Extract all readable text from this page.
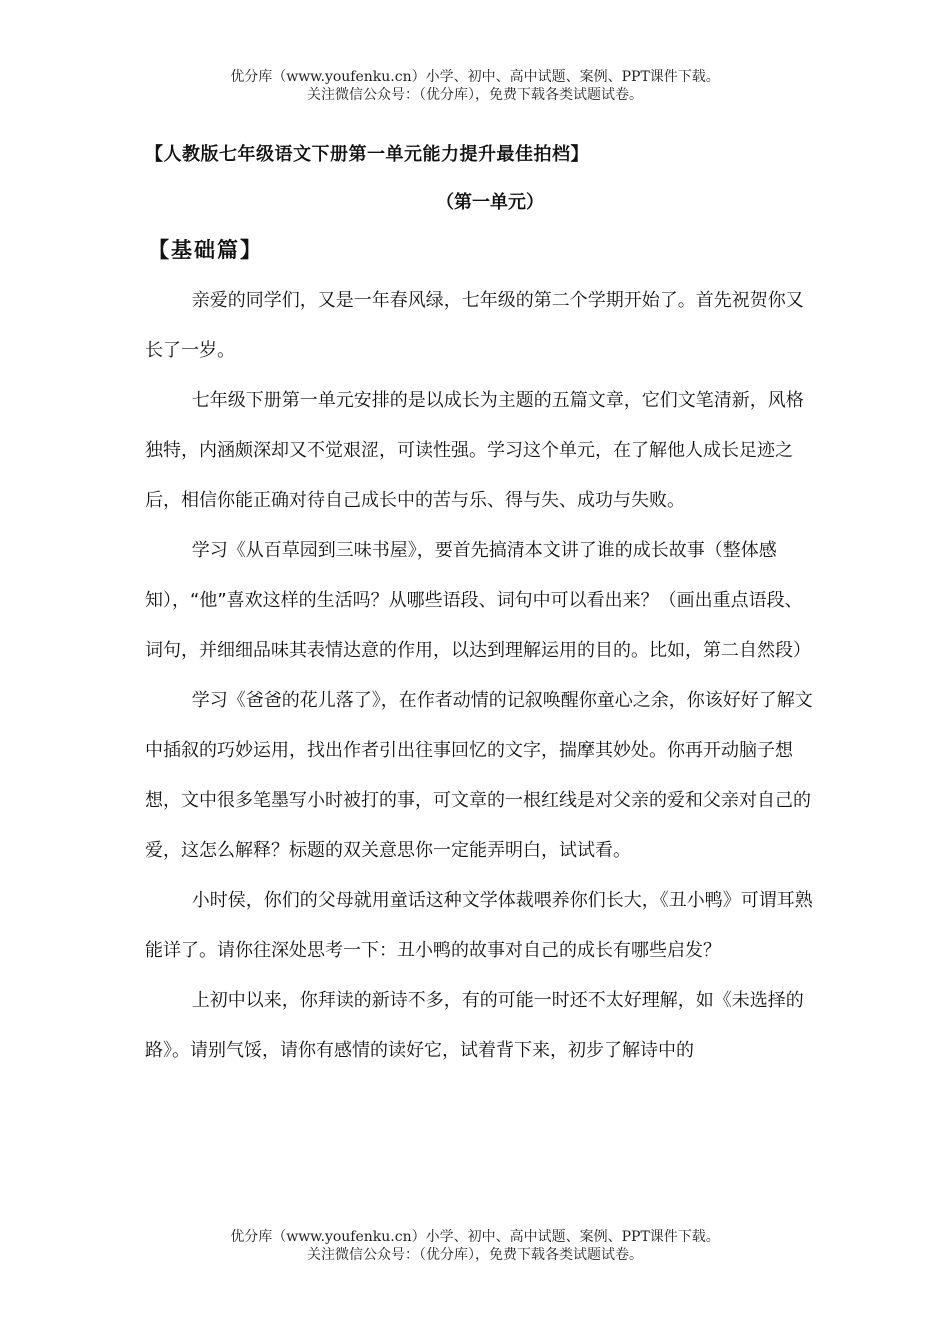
优分库（www.youfenku.cn）小学、初中、高中试题、案例、PPT课件下载。
关注微信公众号：（优分库），免费下载各类试题试卷。
【人教版七年级语文下册第一单元能力提升最佳拍档】
（第一单元）
【基础篇】

亲爱的同学们，又是一年春风绿，七年级的第二个学期开始了。首先祝贺你又长了一岁。

七年级下册第一单元安排的是以成长为主题的五篇文章，它们文笔清新，风格独特，内涵颇深却又不觉艰涩，可读性强。学习这个单元，在了解他人成长足迹之后，相信你能正确对待自己成长中的苦与乐、得与失、成功与失败。

学习《从百草园到三味书屋》，要首先搞清本文讲了谁的成长故事（整体感知），“他”喜欢这样的生活吗？从哪些语段、词句中可以看出来？（画出重点语段、词句，并细细品味其表情达意的作用，以达到理解运用的目的。比如，第二自然段）

学习《爸爸的花儿落了》，在作者动情的记叙唤醒你童心之余，你该好好了解文中插叙的巧妙运用，找出作者引出往事回忆的文字，揣摩其妙处。你再开动脑子想想，文中很多笔墨写小时被打的事，可文章的一根红线是对父亲的爱和父亲对自己的爱，这怎么解释？标题的双关意思你一定能弄明白，试试看。

小时侯，你们的父母就用童话这种文学体裁喂养你们长大，《丑小鸭》可谓耳熟能详了。请你往深处思考一下：丑小鸭的故事对自己的成长有哪些启发？

上初中以来，你拜读的新诗不多，有的可能一时还不太好理解，如《未选择的路》。请别气馁，请你有感情的读好它，试着背下来，初步了解诗中的

优分库（www.youfenku.cn）小学、初中、高中试题、案例、PPT课件下载。
关注微信公众号：（优分库），免费下载各类试题试卷。
